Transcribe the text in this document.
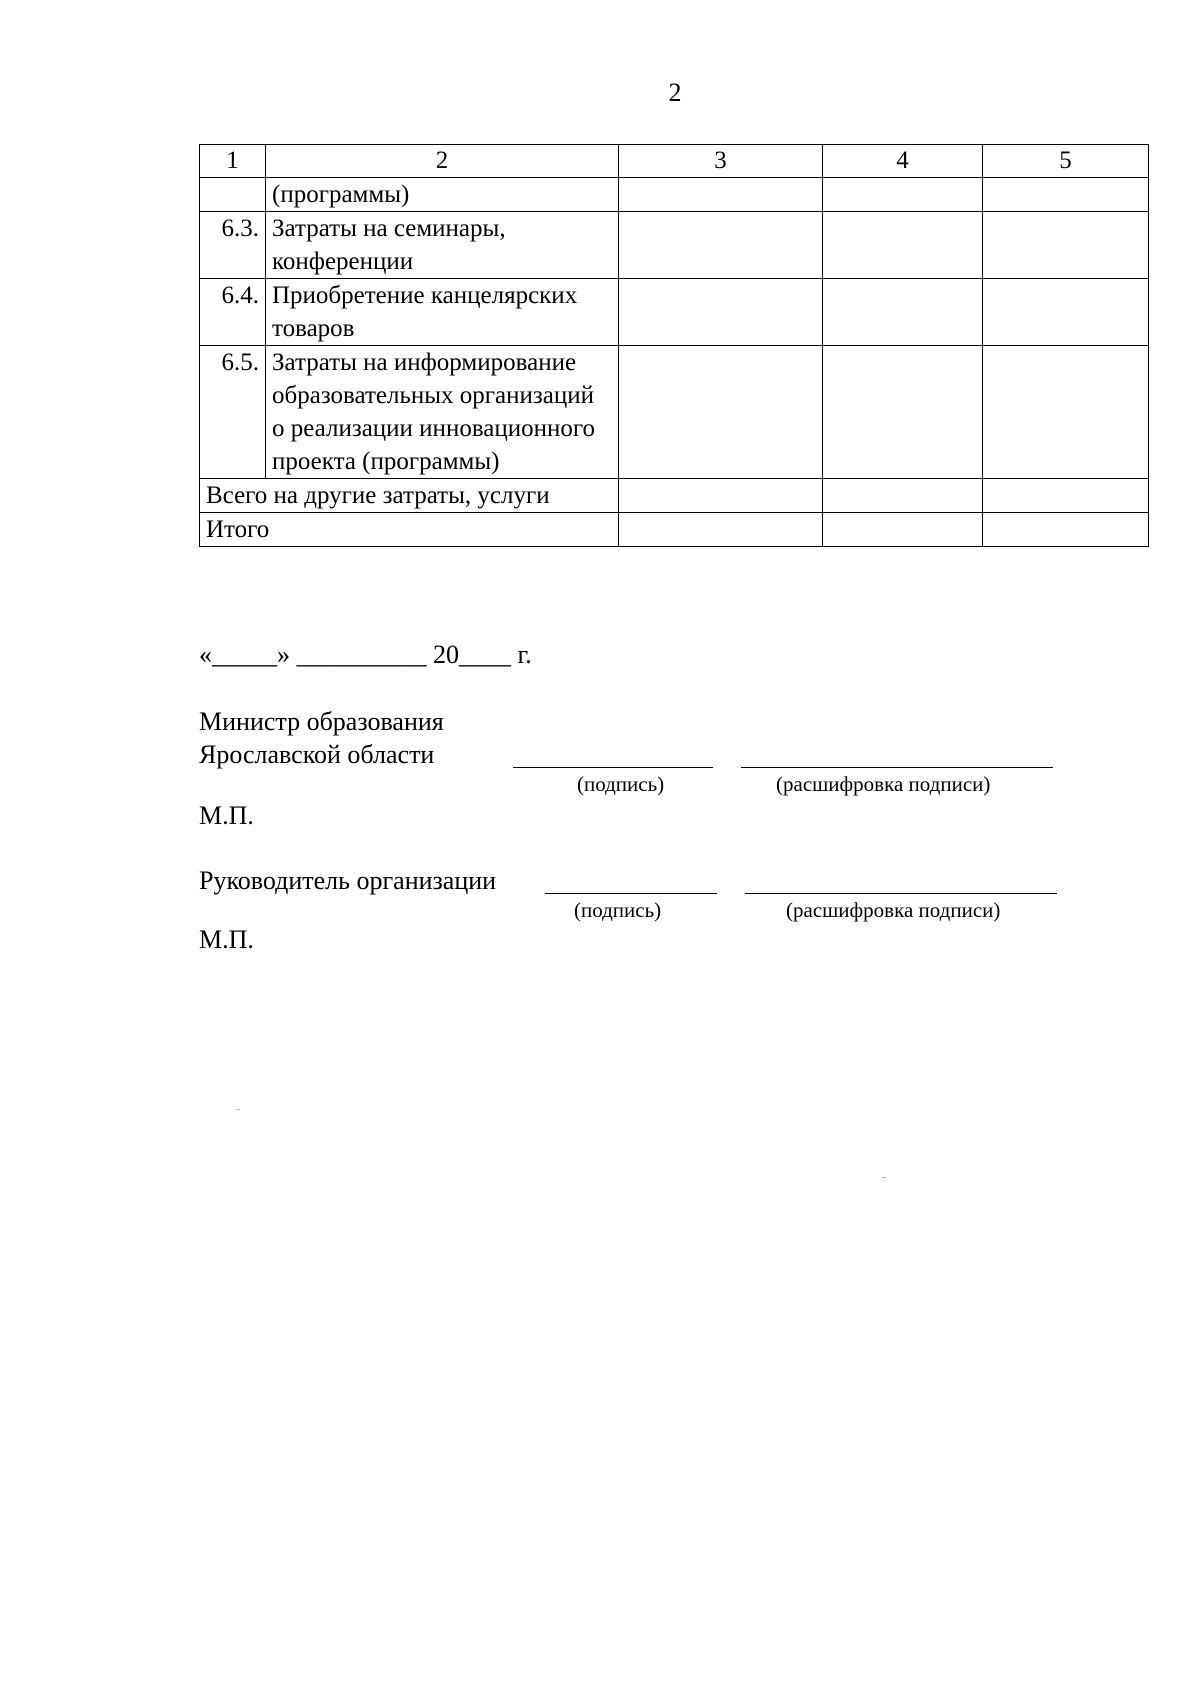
2
1	2	3	4	5
	(программы)			
6.3.	Затраты на семинары, конференции			
6.4.	Приобретение канцелярских товаров			
6.5.	Затраты на информирование образовательных организаций о реализации инновационного проекта (программы)			
Всего на другие затраты, услуги				
Итого				
«_____» __________ 20____ г.
Министр образования Ярославской области
(подпись)	(расшифровка подписи)
М.П.
Руководитель организации
(подпись)	(расшифровка подписи)
М.П.
